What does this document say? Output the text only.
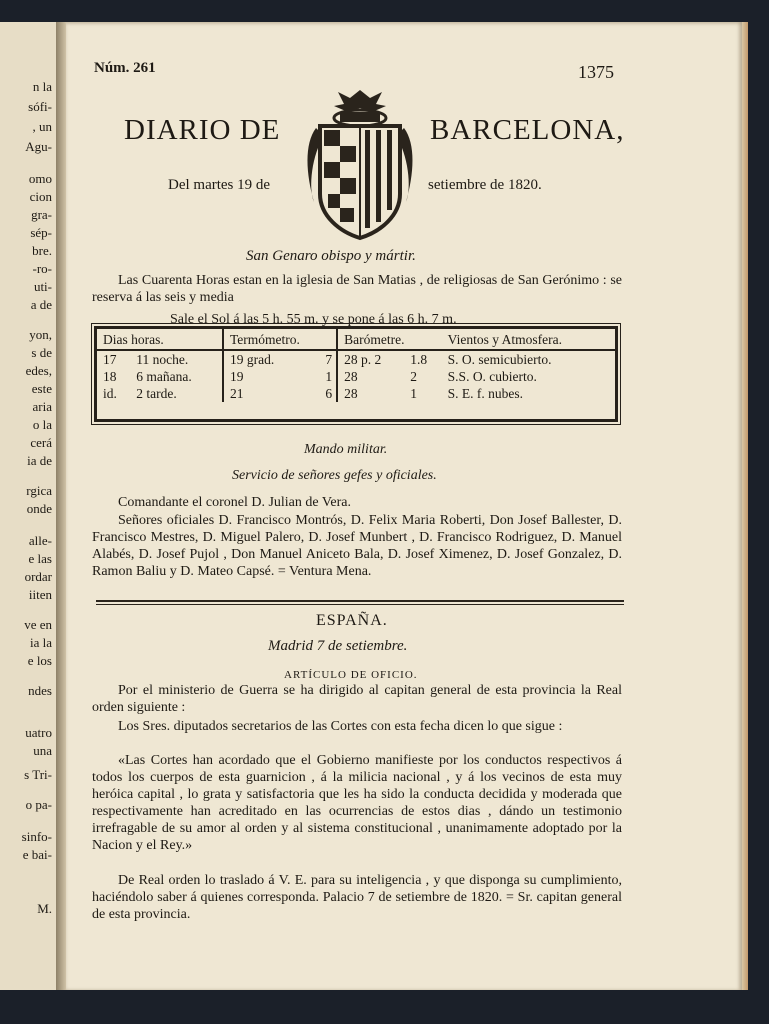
n la
sófi-
, un
Agu-
omo
cion
gra-
sép-
bre.
-ro-
uti-
a de
yon,
s de
edes,
este
aria
o la
cerá
ia de
rgica
onde
alle-
e las
ordar
iiten
ve en
ia la
e los
ndes
uatro
una
s Tri-
o pa-
sinfo-
e bai-
M.
Núm. 261	1375
DIARIO DE	BARCELONA,
Del martes 19 de	setiembre de 1820.
San Genaro obispo y mártir.
Las Cuarenta Horas estan en la iglesia de San Matias , de religiosas de San Gerónimo : se reserva á las seis y media
Sale el Sol á las 5 h. 55 m. y se pone á las 6 h. 7 m.
Dias horas.		Termómetro.		Barómetre.		Vientos y Atmosfera.
17	11 noche.	19 grad.	7	28 p. 2	1.8	S. O. semicubierto.
18	6 mañana.	19	1	28	2	S.S. O. cubierto.
id.	2 tarde.	21	6	28	1	S. E. f. nubes.
Mando militar.
Servicio de señores gefes y oficiales.
Comandante el coronel D. Julian de Vera.
Señores oficiales D. Francisco Montrós, D. Felix Maria Roberti, Don Josef Ballester, D. Francisco Mestres, D. Miguel Palero, D. Josef Munbert , D. Francisco Rodriguez, D. Manuel Alabés, D. Josef Pujol , Don Manuel Aniceto Bala, D. Josef Ximenez, D. Josef Gonzalez, D. Ramon Baliu y D. Mateo Capsé. = Ventura Mena.
ESPAÑA.
Madrid 7 de setiembre.
ARTÍCULO DE OFICIO.
Por el ministerio de Guerra se ha dirigido al capitan general de esta provincia la Real orden siguiente :
Los Sres. diputados secretarios de las Cortes con esta fecha dicen lo que sigue :
«Las Cortes han acordado que el Gobierno manifieste por los conductos respectivos á todos los cuerpos de esta guarnicion , á la milicia nacional , y á los vecinos de esta muy heróica capital , lo grata y satisfactoria que les ha sido la conducta decidida y moderada que respectivamente han acreditado en las ocurrencias de estos dias , dándo un testimonio irrefragable de su amor al orden y al sistema constitucional , unanimamente adoptado por la Nacion y el Rey.»
De Real orden lo traslado á V. E. para su inteligencia , y que disponga su cumplimiento, haciéndolo saber á quienes corresponda. Palacio 7 de setiembre de 1820. = Sr. capitan general de esta provincia.
